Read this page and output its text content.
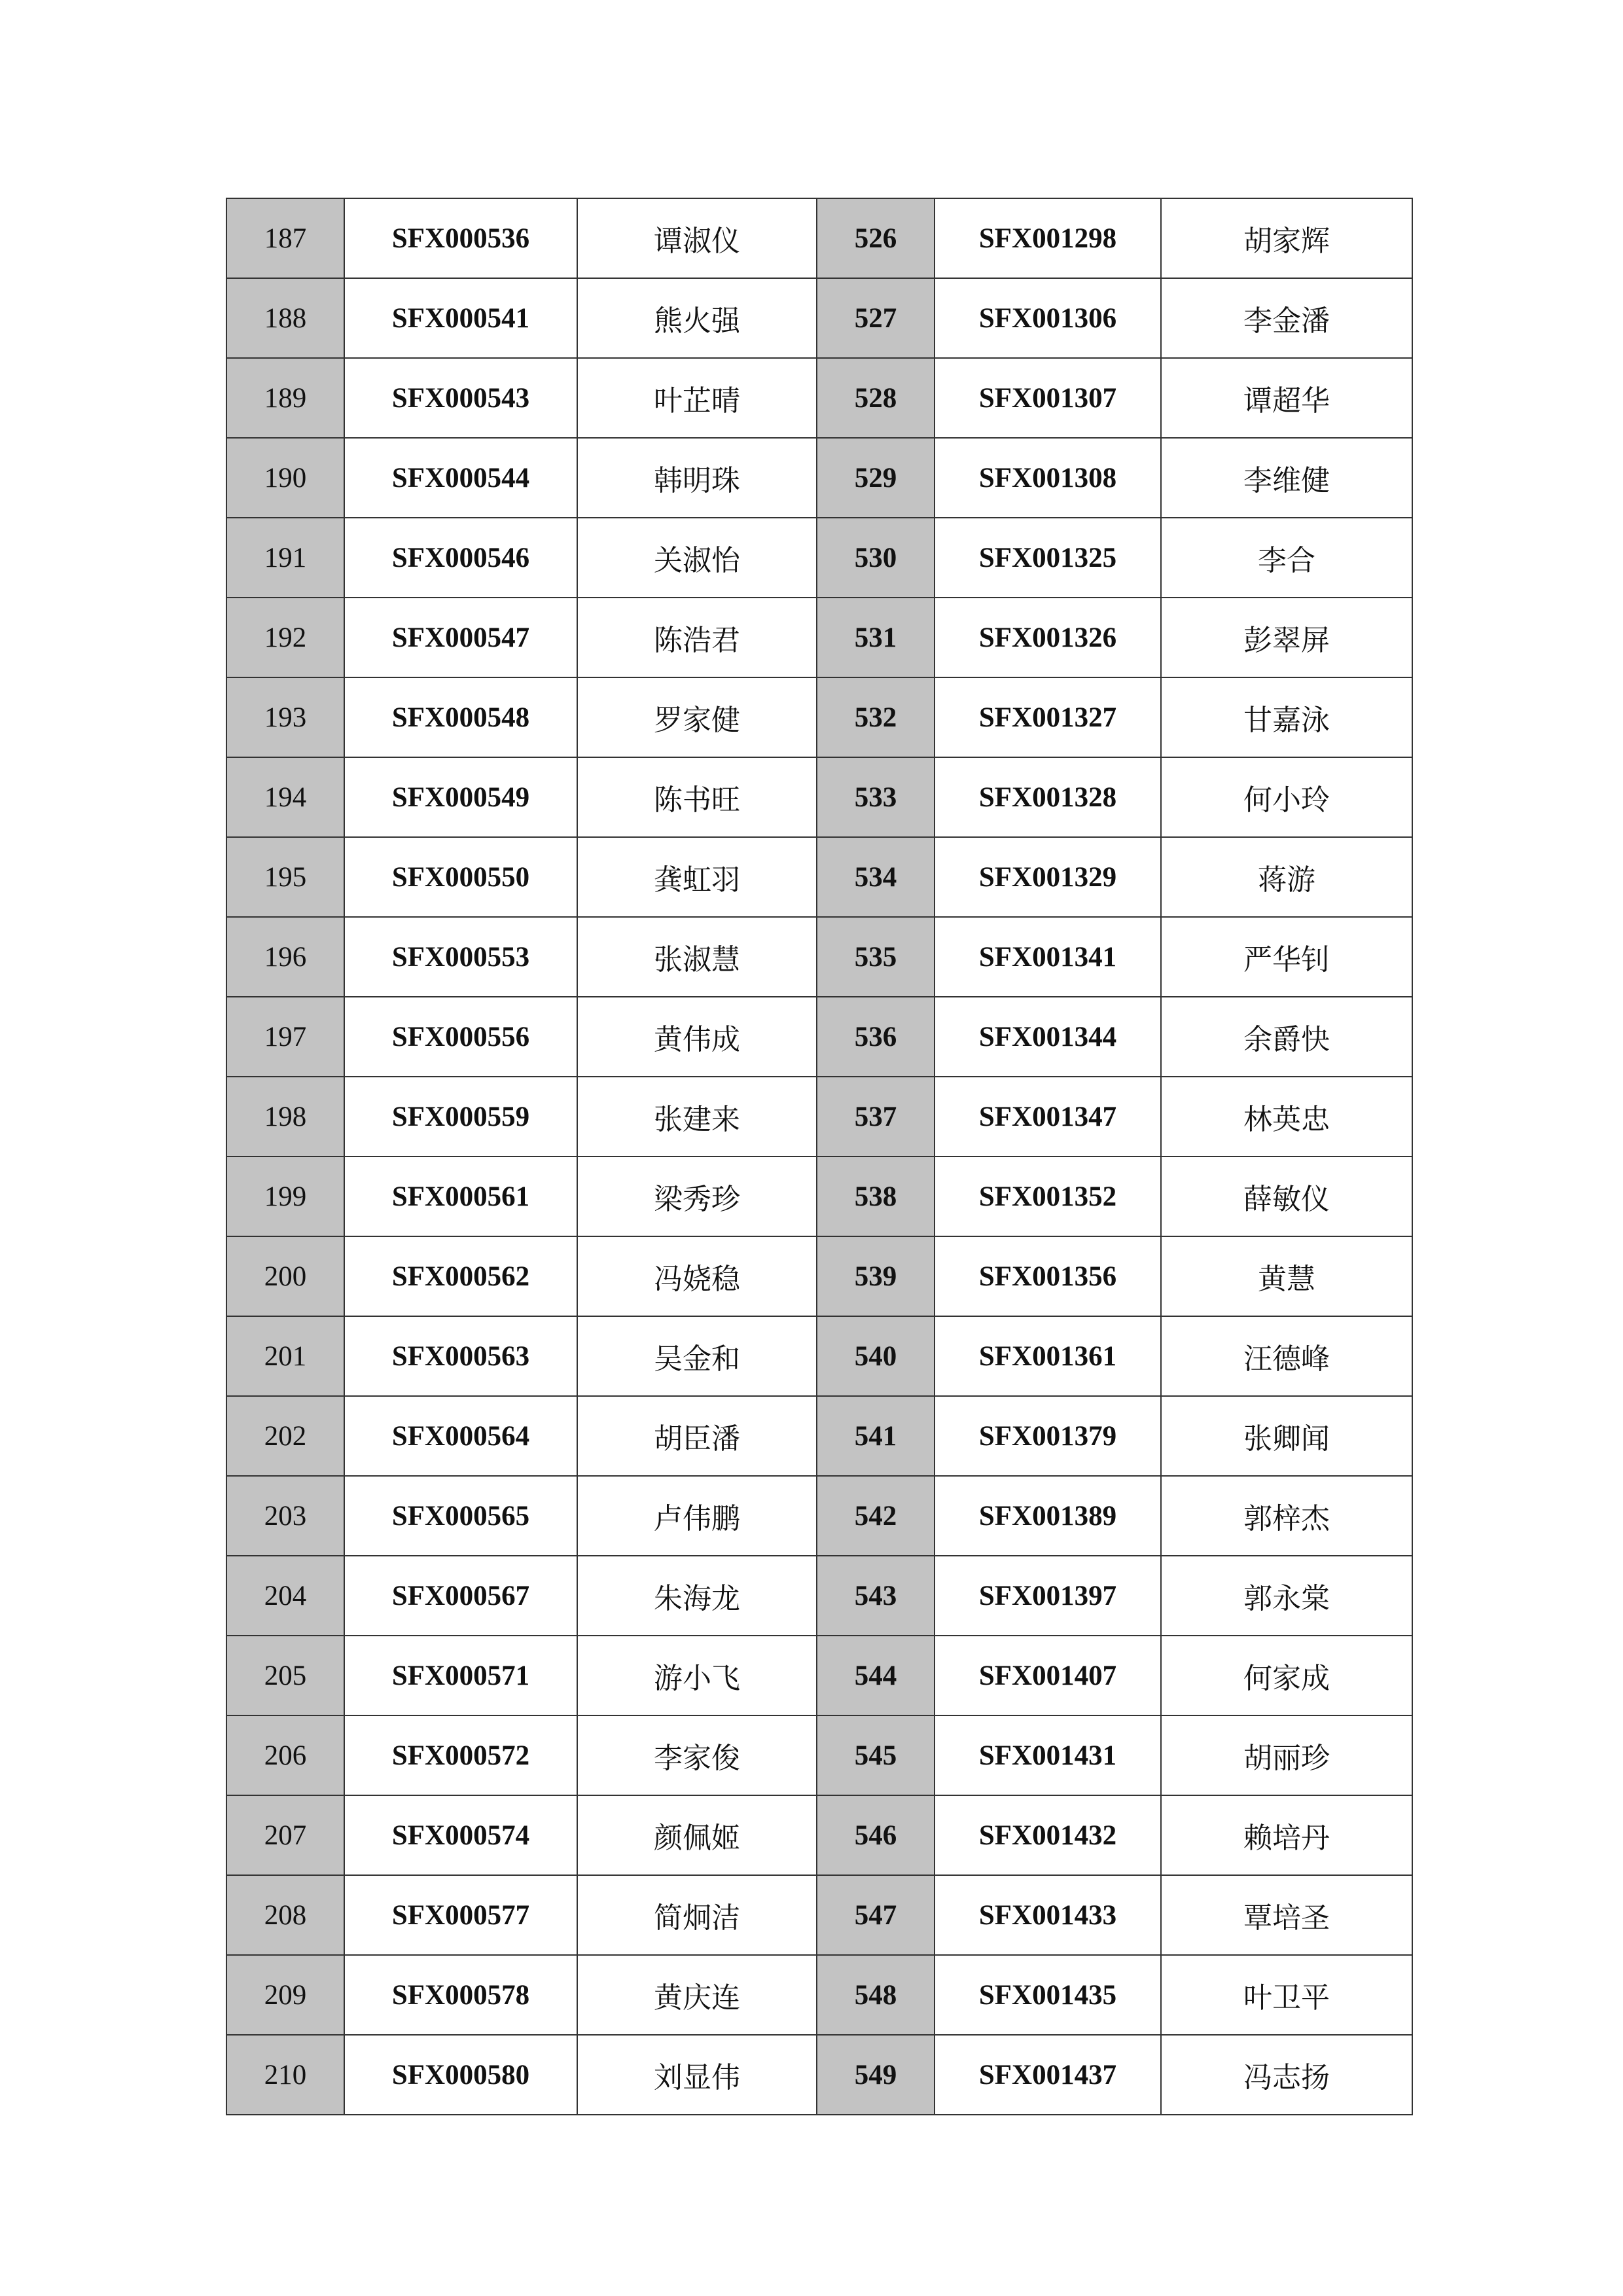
187	SFX000536	谭淑仪	526	SFX001298	胡家辉
188	SFX000541	熊火强	527	SFX001306	李金潘
189	SFX000543	叶芷晴	528	SFX001307	谭超华
190	SFX000544	韩明珠	529	SFX001308	李维健
191	SFX000546	关淑怡	530	SFX001325	李合
192	SFX000547	陈浩君	531	SFX001326	彭翠屏
193	SFX000548	罗家健	532	SFX001327	甘嘉泳
194	SFX000549	陈书旺	533	SFX001328	何小玲
195	SFX000550	龚虹羽	534	SFX001329	蒋游
196	SFX000553	张淑慧	535	SFX001341	严华钊
197	SFX000556	黄伟成	536	SFX001344	余爵快
198	SFX000559	张建来	537	SFX001347	林英忠
199	SFX000561	梁秀珍	538	SFX001352	薛敏仪
200	SFX000562	冯娆稳	539	SFX001356	黄慧
201	SFX000563	吴金和	540	SFX001361	汪德峰
202	SFX000564	胡臣潘	541	SFX001379	张卿闻
203	SFX000565	卢伟鹏	542	SFX001389	郭梓杰
204	SFX000567	朱海龙	543	SFX001397	郭永棠
205	SFX000571	游小飞	544	SFX001407	何家成
206	SFX000572	李家俊	545	SFX001431	胡丽珍
207	SFX000574	颜佩姬	546	SFX001432	赖培丹
208	SFX000577	简炯洁	547	SFX001433	覃培圣
209	SFX000578	黄庆连	548	SFX001435	叶卫平
210	SFX000580	刘显伟	549	SFX001437	冯志扬
